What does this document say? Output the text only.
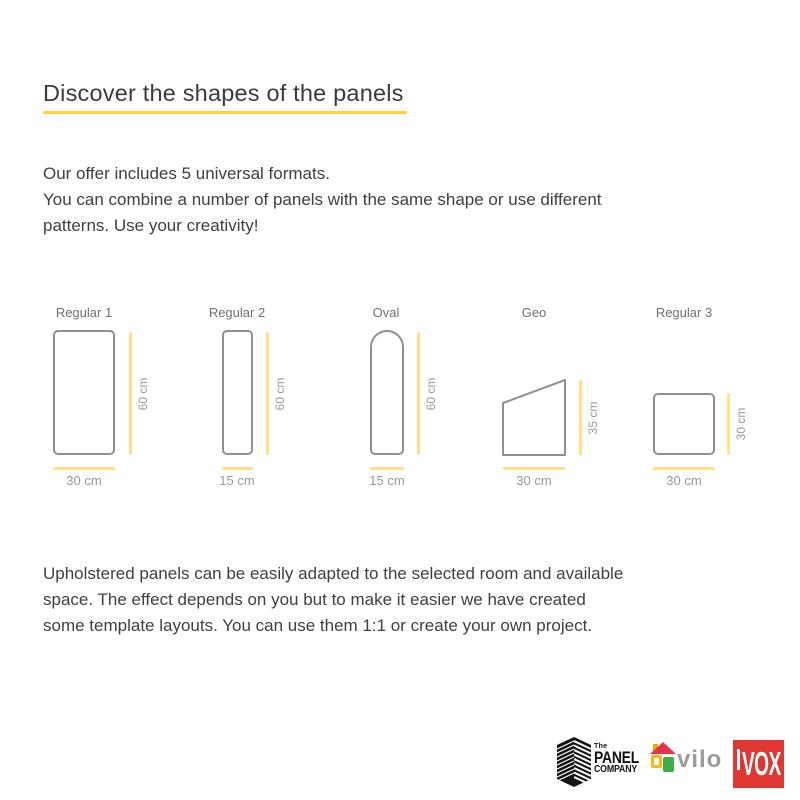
Discover the shapes of the panels
Our offer includes 5 universal formats.
You can combine a number of panels with the same shape or use different
patterns. Use your creativity!
Regular 1
60 cm
30 cm
Regular 2
60 cm
15 cm
Oval
60 cm
15 cm
Geo
35 cm
30 cm
Regular 3
30 cm
30 cm
Upholstered panels can be easily adapted to the selected room and available
space. The effect depends on you but to make it easier we have created
some template layouts. You can use them 1:1 or create your own project.
The
PANEL
COMPANY vilo VOX
